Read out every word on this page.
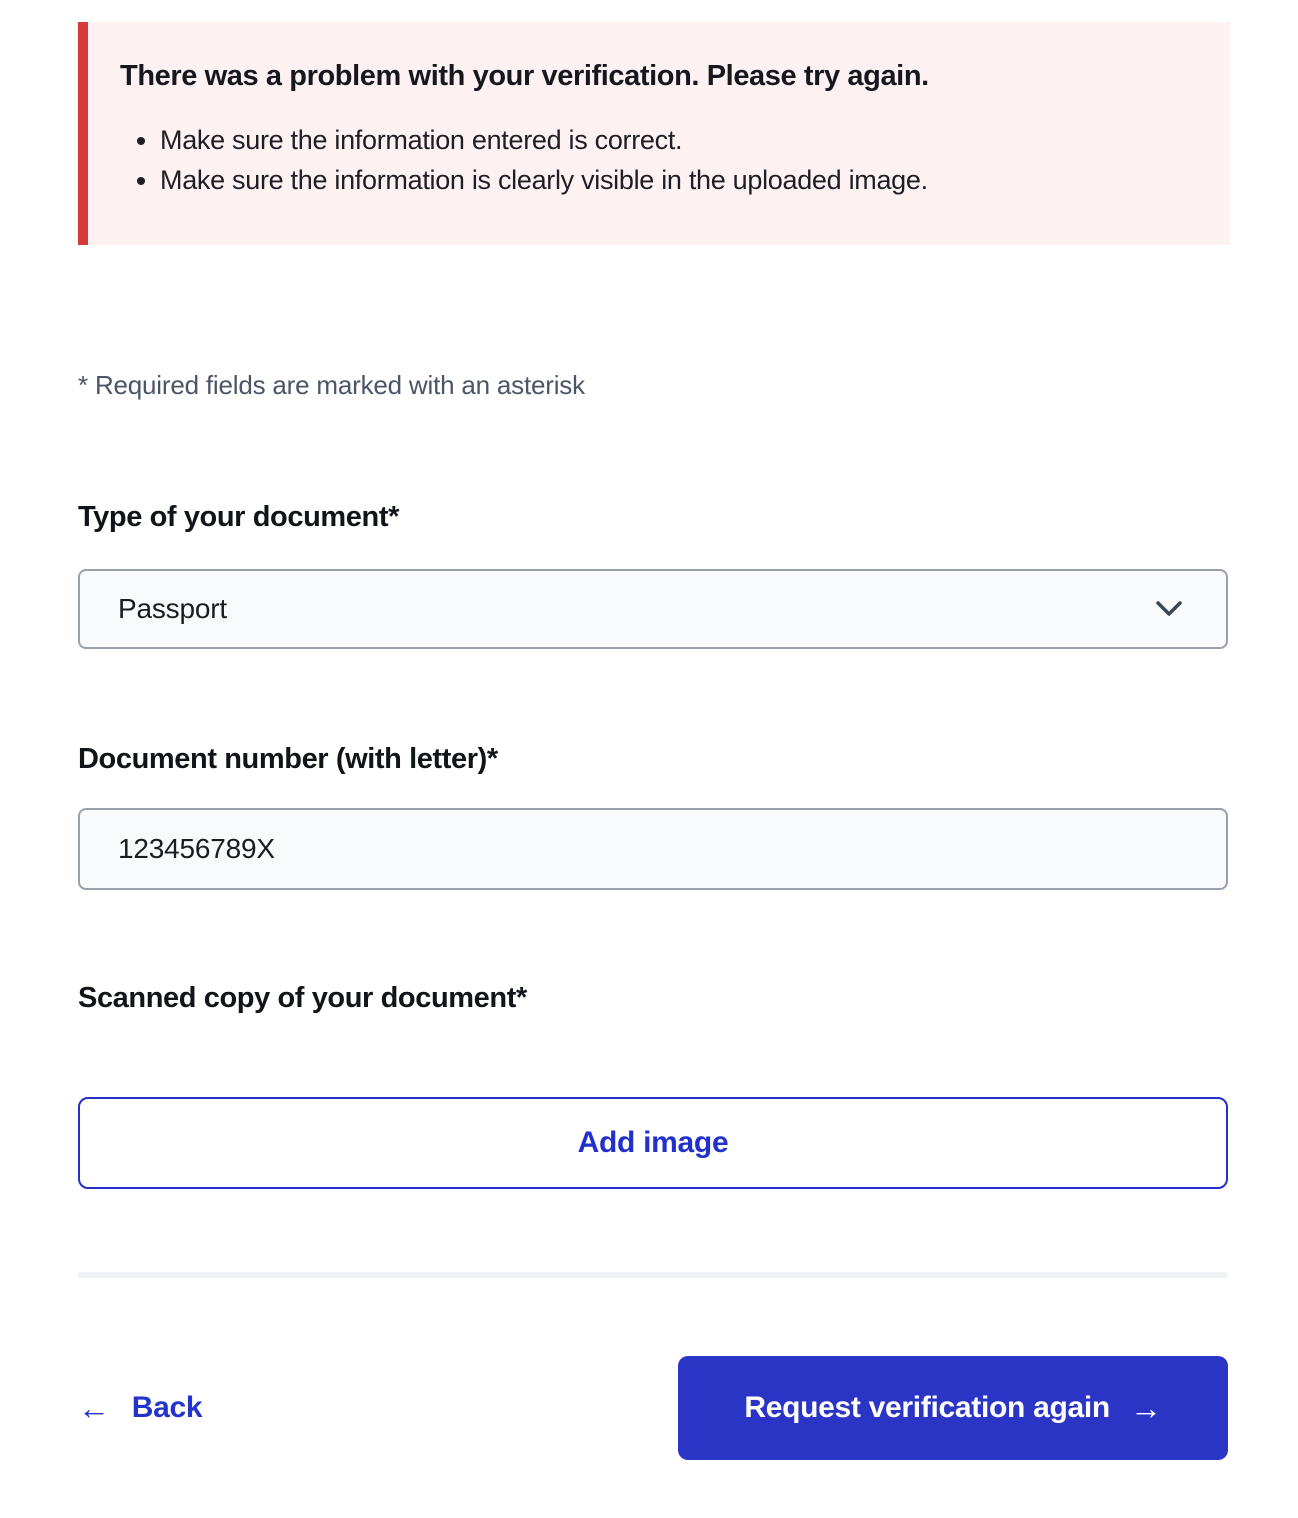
There was a problem with your verification. Please try again.
• Make sure the information entered is correct.
• Make sure the information is clearly visible in the uploaded image.
* Required fields are marked with an asterisk
Type of your document*
Passport
Document number (with letter)*
123456789X
Scanned copy of your document*
Add image
← Back	Request verification again →
